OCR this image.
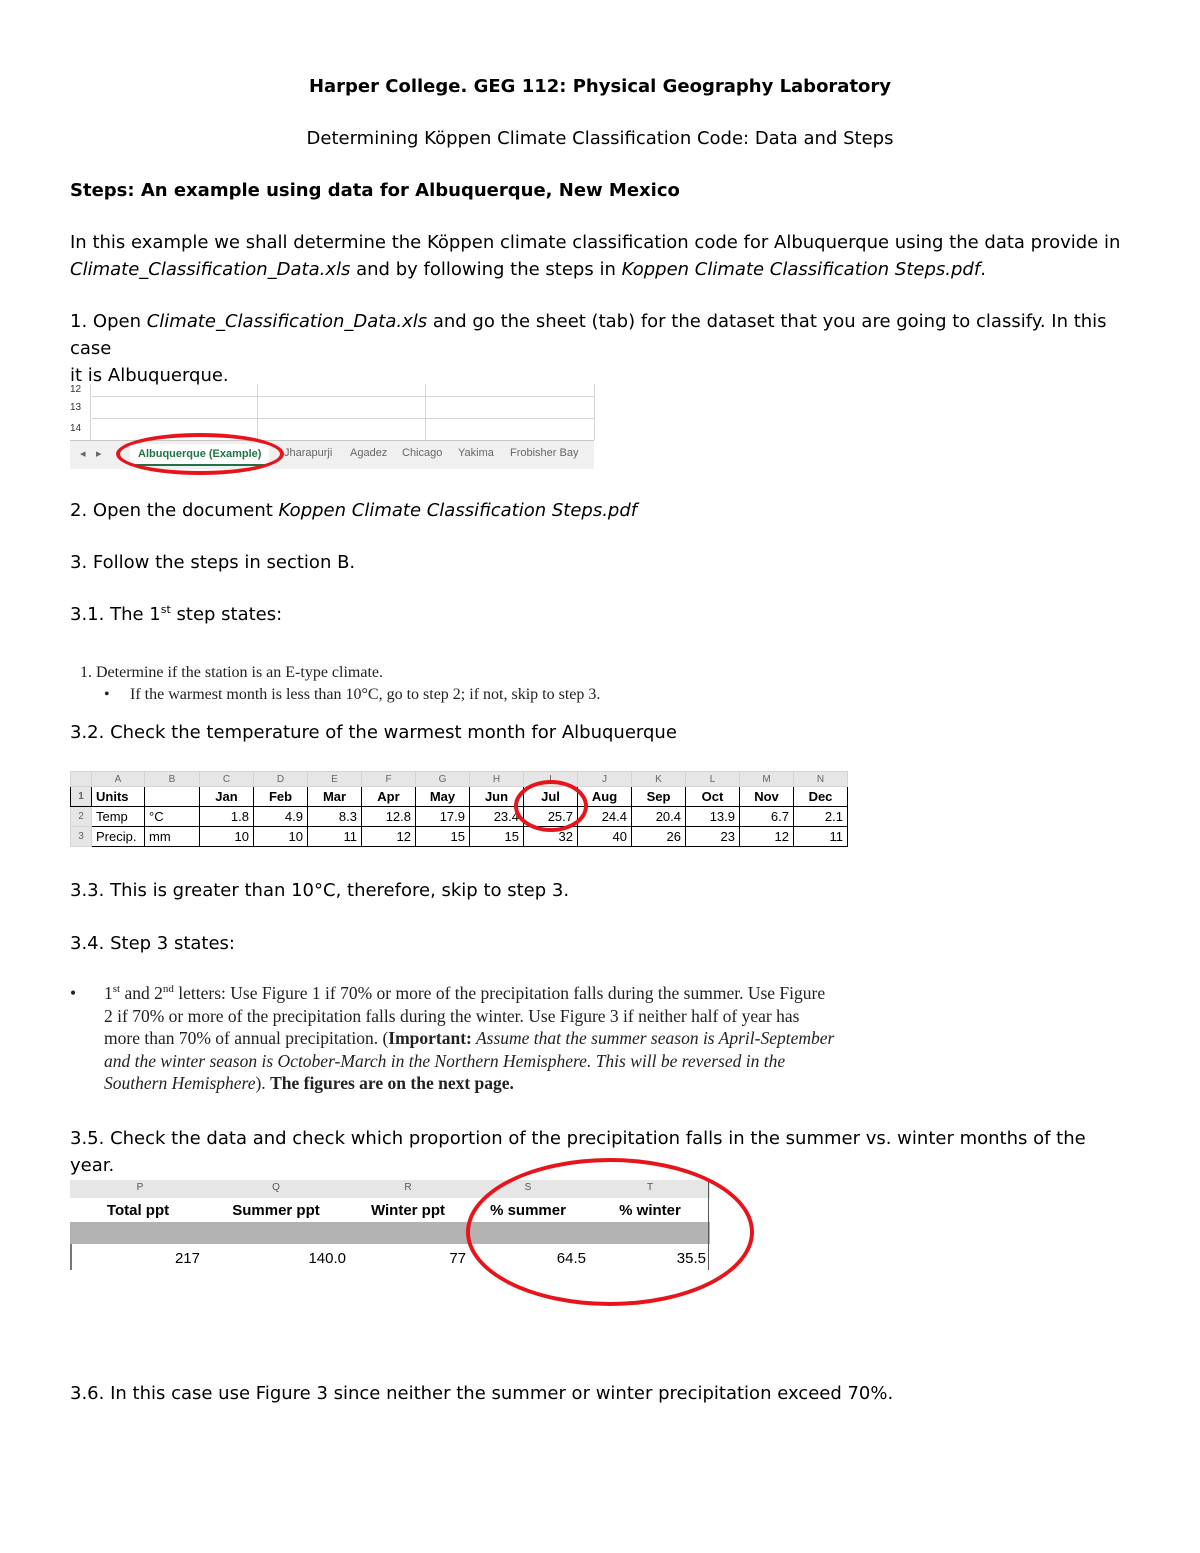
Harper College. GEG 112: Physical Geography Laboratory
Determining Köppen Climate Classification Code: Data and Steps
Steps: An example using data for Albuquerque, New Mexico
In this example we shall determine the Köppen climate classification code for Albuquerque using the data provide in
Climate_Classification_Data.xls and by following the steps in Koppen Climate Classification Steps.pdf.
1. Open Climate_Classification_Data.xls and go the sheet (tab) for the dataset that you are going to classify. In this case
it is Albuquerque.
12
13
14
◂ ▸	Albuquerque (Example)	Jharapurji Agadez Chicago Yakima Frobisher Bay
2. Open the document Koppen Climate Classification Steps.pdf
3. Follow the steps in section B.
3.1. The 1st step states:
1. Determine if the station is an E-type climate.
• If the warmest month is less than 10°C, go to step 2; if not, skip to step 3.
3.2. Check the temperature of the warmest month for Albuquerque
	A	B	C	D	E	F	G	H	I	J	K	L	M	N
1	Units		Jan	Feb	Mar	Apr	May	Jun	Jul	Aug	Sep	Oct	Nov	Dec
2	Temp	°C	1.8	4.9	8.3	12.8	17.9	23.4	25.7	24.4	20.4	13.9	6.7	2.1
3	Precip.	mm	10	10	11	12	15	15	32	40	26	23	12	11
3.3. This is greater than 10°C, therefore, skip to step 3.
3.4. Step 3 states:
• 1st and 2nd letters: Use Figure 1 if 70% or more of the precipitation falls during the summer. Use Figure
2 if 70% or more of the precipitation falls during the winter. Use Figure 3 if neither half of year has
more than 70% of annual precipitation. (Important: Assume that the summer season is April-September
and the winter season is October-March in the Northern Hemisphere. This will be reversed in the
Southern Hemisphere). The figures are on the next page.
3.5. Check the data and check which proportion of the precipitation falls in the summer vs. winter months of the year.
P	Q	R	S	T
Total ppt	Summer ppt	Winter ppt	% summer	% winter
217	140.0	77	64.5	35.5
3.6. In this case use Figure 3 since neither the summer or winter precipitation exceed 70%.
